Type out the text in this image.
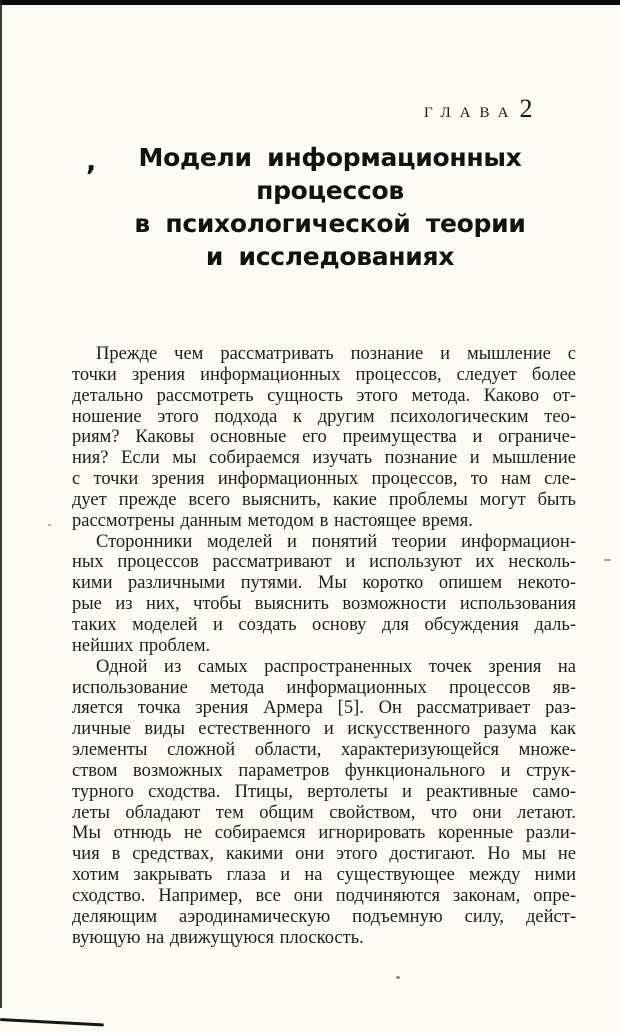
ГЛАВА 2
,	Модели информационных процессов
в психологической теории
и исследованиях
Прежде чем рассматривать познание и мышление с
точки зрения информационных процессов, следует более
детально рассмотреть сущность этого метода. Каково от-
ношение этого подхода к другим психологическим тео-
риям? Каковы основные его преимущества и ограниче-
ния? Если мы собираемся изучать познание и мышление
с точки зрения информационных процессов, то нам сле-
дует прежде всего выяснить, какие проблемы могут быть
рассмотрены данным методом в настоящее время.
Сторонники моделей и понятий теории информацион-
ных процессов рассматривают и используют их несколь-
кими различными путями. Мы коротко опишем некото-
рые из них, чтобы выяснить возможности использования
таких моделей и создать основу для обсуждения даль-
нейших проблем.
Одной из самых распространенных точек зрения на
использование метода информационных процессов яв-
ляется точка зрения Армера [5]. Он рассматривает раз-
личные виды естественного и искусственного разума как
элементы сложной области, характеризующейся множе-
ством возможных параметров функционального и струк-
турного сходства. Птицы, вертолеты и реактивные само-
леты обладают тем общим свойством, что они летают.
Мы отнюдь не собираемся игнорировать коренные разли-
чия в средствах, какими они этого достигают. Но мы не
хотим закрывать глаза и на существующее между ними
сходство. Например, все они подчиняются законам, опре-
деляющим аэродинамическую подъемную силу, дейст-
вующую на движущуюся плоскость.
